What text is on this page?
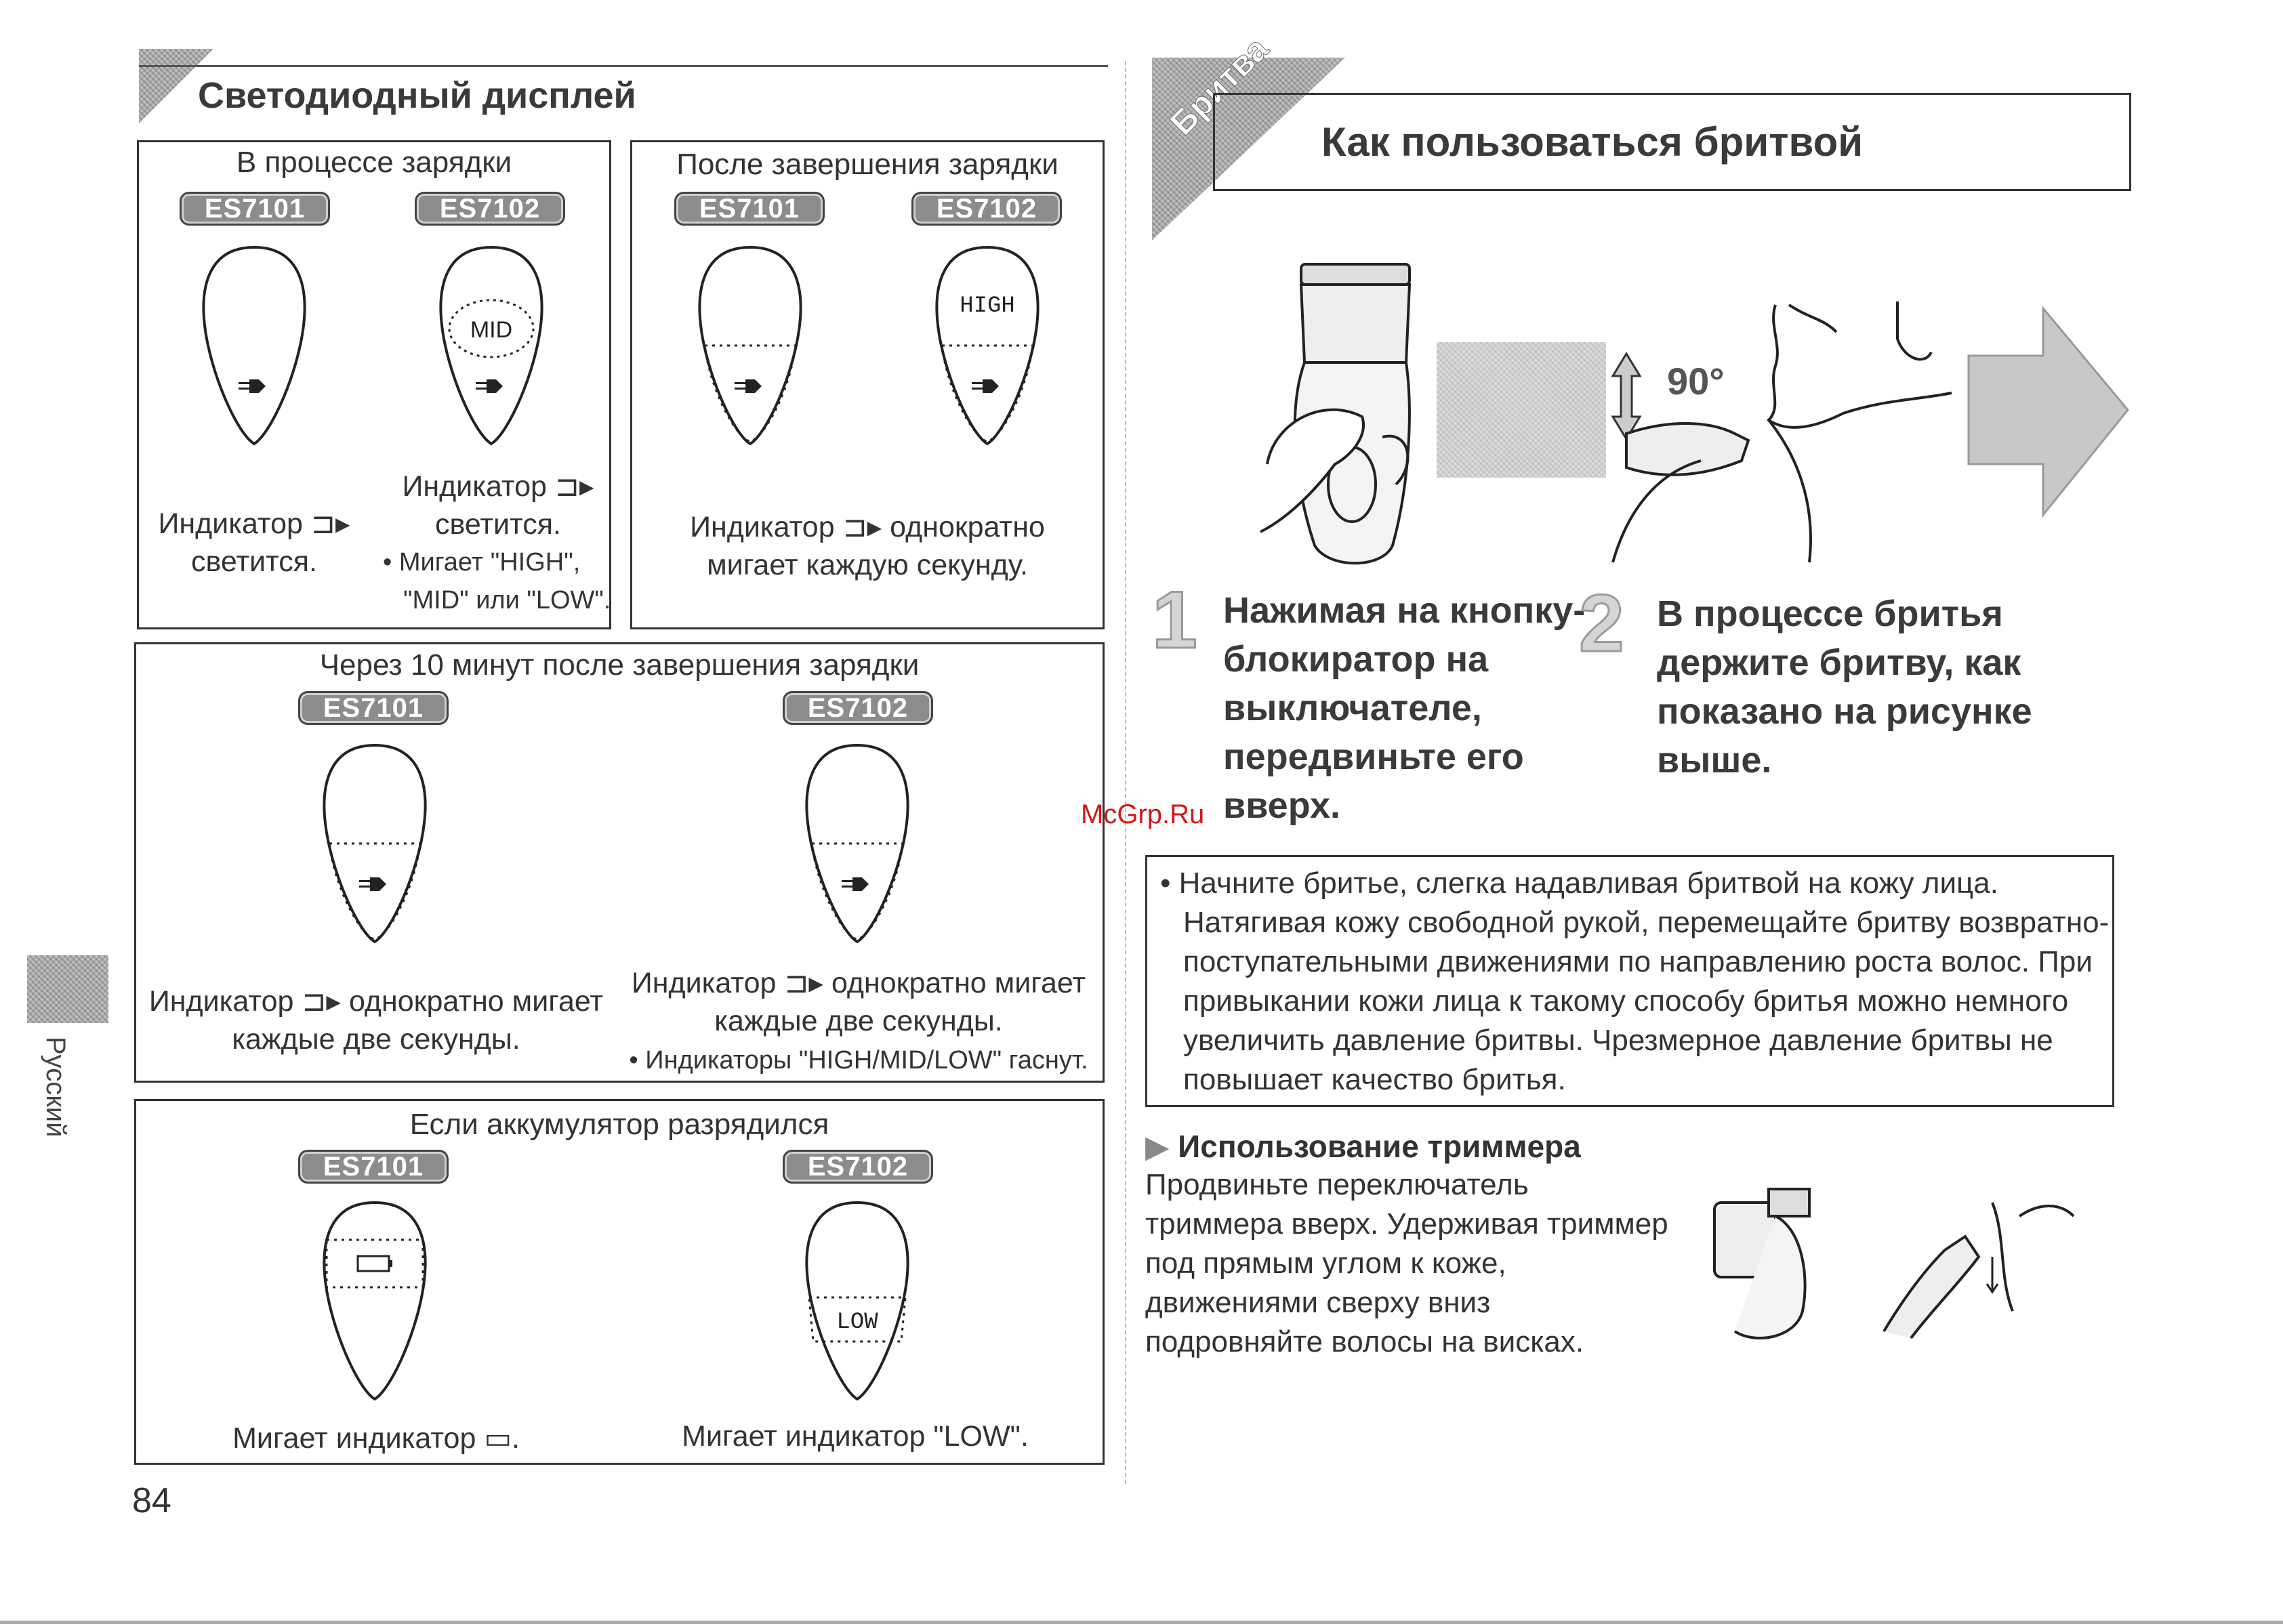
Светодиодный дисплей
Русский
В процессе зарядки
ES7101	ES7102
MID
Индикатор ⊐▸
светится.
Индикатор ⊐▸
светится.
• Мигает "HIGH",
"MID" или "LOW".
После завершения зарядки
ES7101	ES7102
HIGH
Индикатор ⊐▸ однократно
мигает каждую секунду.
Через 10 минут после завершения зарядки
ES7101	ES7102
Индикатор ⊐▸ однократно мигает
каждые две секунды.
Индикатор ⊐▸ однократно мигает
каждые две секунды.
• Индикаторы "HIGH/MID/LOW" гаснут.
Если аккумулятор разрядился
ES7101	ES7102
LOW
Мигает индикатор ▭.	Мигает индикатор "LOW".
84
Бритва Как пользоваться бритвой
90°
1 Нажимая на кнопку-
блокиратор на
выключателе,
передвиньте его
вверх.
2 В процессе бритья
держите бритву, как
показано на рисунке
выше.
McGrp.Ru
• Начните бритье, слегка надавливая бритвой на кожу лица.
Натягивая кожу свободной рукой, перемещайте бритву возвратно-
поступательными движениями по направлению роста волос. При
привыкании кожи лица к такому способу бритья можно немного
увеличить давление бритвы. Чрезмерное давление бритвы не
повышает качество бритья.
▶ Использование триммера
Продвиньте переключатель
триммера вверх. Удерживая триммер
под прямым углом к коже,
движениями сверху вниз
подровняйте волосы на висках.
